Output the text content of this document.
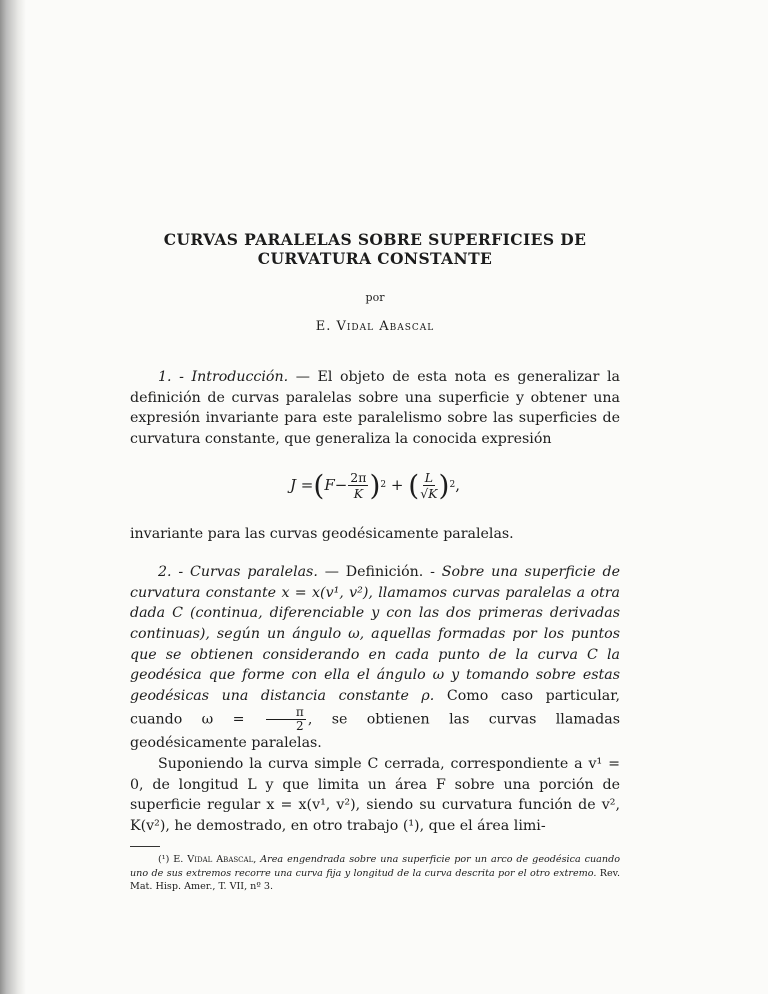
CURVAS PARALELAS SOBRE SUPERFICIES DE
CURVATURA CONSTANTE
por
E. Vidal Abascal

1. - Introducción. — El objeto de esta nota es generalizar la definición de curvas paralelas sobre una superficie y obtener una expresión invariante para este paralelismo sobre las superficies de curvatura constante, que generaliza la conocida expresión

J = ( $F- \frac{2\pi}{K}$ ) 2
+
( $\frac{L}{√K}$ ) 2 ,

invariante para las curvas geodésicamente paralelas.

2. - Curvas paralelas. — Definición. - Sobre una superficie de curvatura constante x = x(v¹, v²), llamamos curvas paralelas a otra dada C (continua, diferenciable y con las dos primeras derivadas continuas), según un ángulo ω, aquellas formadas por los puntos que se obtienen considerando en cada punto de la curva C la geodésica que forme con ella el ángulo ω y tomando sobre estas geodésicas una distancia constante ρ. Como caso particular, cuando $\omega = \frac{\pi}{2}$ , se obtienen las curvas llamadas geodésicamente paralelas.

Suponiendo la curva simple C cerrada, correspondiente a v¹ = 0, de longitud L y que limita un área F sobre una porción de superficie regular x = x(v¹, v²), siendo su curvatura función de v², K(v²), he demostrado, en otro trabajo (¹), que el área limi-

(¹) E. Vidal Abascal, Area engendrada sobre una superficie por un arco de geodésica cuando uno de sus extremos recorre una curva fija y longitud de la curva descrita por el otro extremo. Rev. Mat. Hisp. Amer., T. VII, nº 3.
